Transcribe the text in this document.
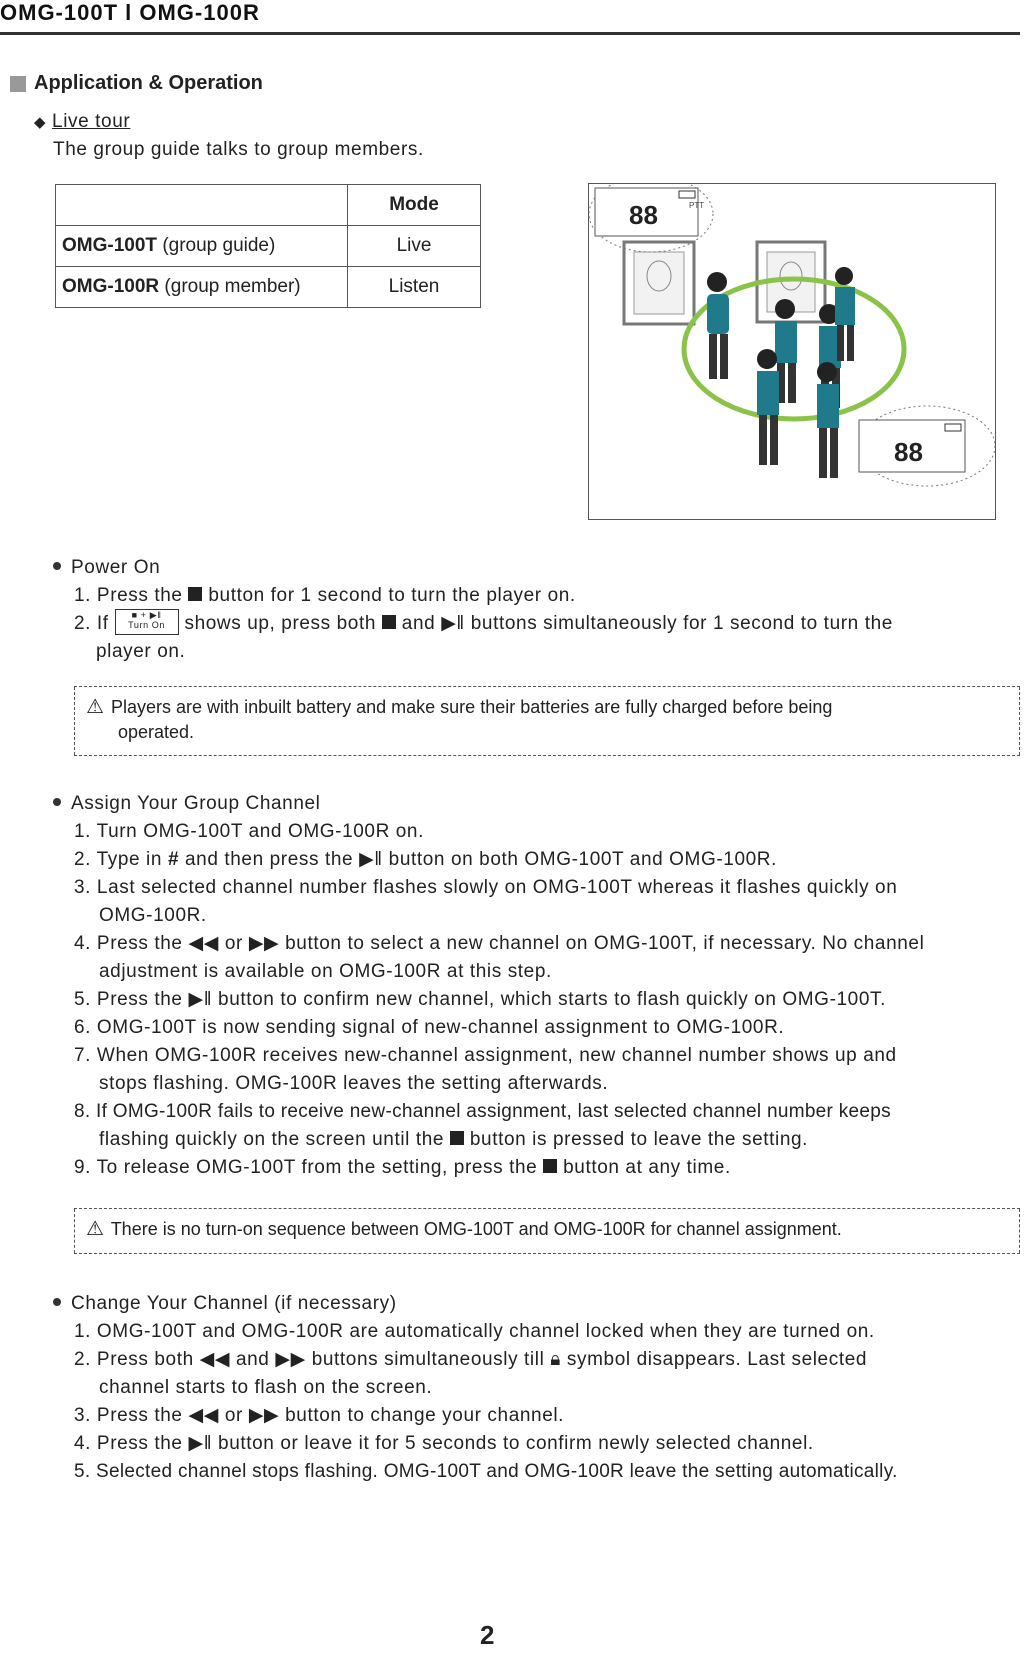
OMG-100T l OMG-100R
Application & Operation
◆ Live tour
The group guide talks to group members.
	Mode
OMG-100T (group guide)	Live
OMG-100R (group member)	Listen
88	PTT
88
Power On
1. Press the button for 1 second to turn the player on.
2. If	■ + ▶‖
Turn On shows up, press both and ▶‖ buttons simultaneously for 1 second to turn the
player on.
⚠ Players are with inbuilt battery and make sure their batteries are fully charged before being
operated.
Assign Your Group Channel
1. Turn OMG-100T and OMG-100R on.
2. Type in # and then press the ▶‖ button on both OMG-100T and OMG-100R.
3. Last selected channel number flashes slowly on OMG-100T whereas it flashes quickly on
OMG-100R.
4. Press the ◀◀ or ▶▶ button to select a new channel on OMG-100T, if necessary. No channel
adjustment is available on OMG-100R at this step.
5. Press the ▶‖ button to confirm new channel, which starts to flash quickly on OMG-100T.
6. OMG-100T is now sending signal of new-channel assignment to OMG-100R.
7. When OMG-100R receives new-channel assignment, new channel number shows up and
stops flashing. OMG-100R leaves the setting afterwards.
8. If OMG-100R fails to receive new-channel assignment, last selected channel number keeps
flashing quickly on the screen until the button is pressed to leave the setting.
9. To release OMG-100T from the setting, press the button at any time.
⚠ There is no turn-on sequence between OMG-100T and OMG-100R for channel assignment.
Change Your Channel (if necessary)
1. OMG-100T and OMG-100R are automatically channel locked when they are turned on.
2. Press both ◀◀ and ▶▶ buttons simultaneously till 🔒︎ symbol disappears. Last selected
channel starts to flash on the screen.
3. Press the ◀◀ or ▶▶ button to change your channel.
4. Press the ▶‖ button or leave it for 5 seconds to confirm newly selected channel.
5. Selected channel stops flashing. OMG-100T and OMG-100R leave the setting automatically.
2
